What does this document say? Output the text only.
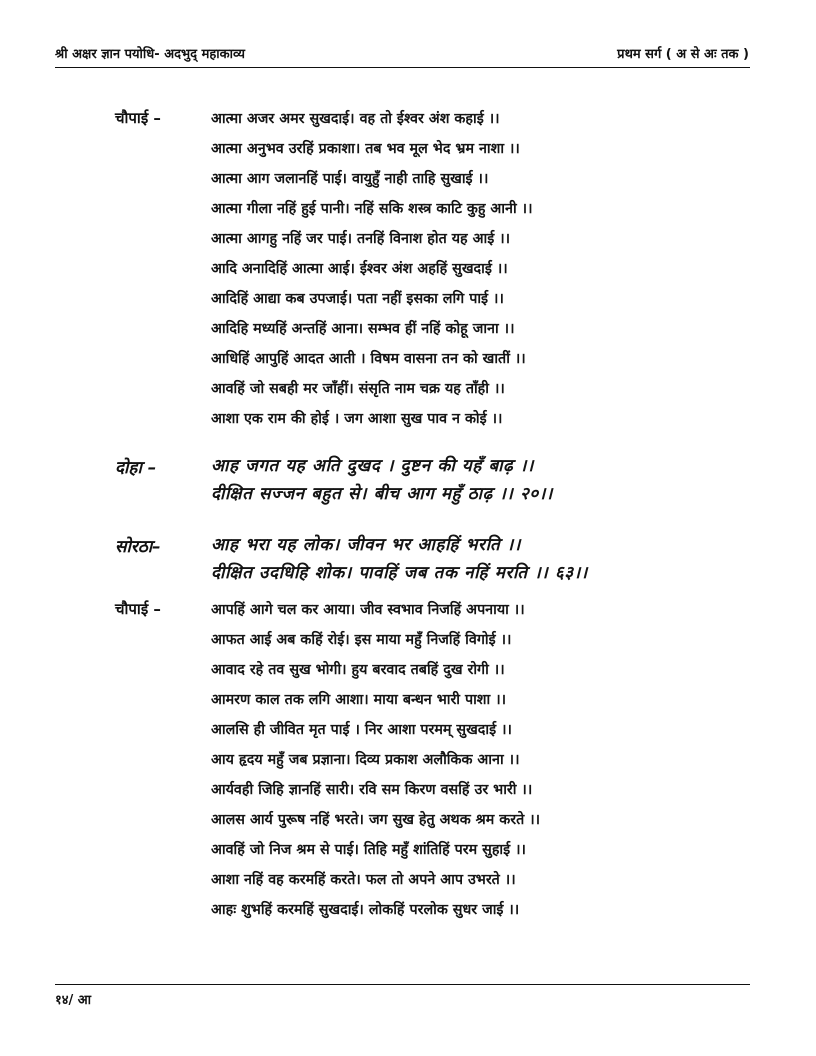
श्री अक्षर ज्ञान पयोधि- अदभुद् महाकाव्य	प्रथम सर्ग ( अ से अः तक )
चौपाई –	आत्मा अजर अमर सुखदाई। वह तो ईश्वर अंश कहाई ।।
आत्मा अनुभव उरहिं प्रकाशा। तब भव मूल भेद भ्रम नाशा ।।
आत्मा आग जलानहिं पाई। वायुहुँ नाही ताहि सुखाई ।।
आत्मा गीला नहिं हुई पानी। नहिं सकि शस्त्र काटि कुहु आनी ।।
आत्मा आगहु नहिं जर पाई। तनहिं विनाश होत यह आई ।।
आदि अनादिहिं आत्मा आई। ईश्वर अंश अहहिं सुखदाई ।।
आदिहिं आद्या कब उपजाई। पता नहीं इसका लगि पाई ।।
आदिहि मध्यहिं अन्तहिं आना। सम्भव हीं नहिं कोहू जाना ।।
आधिहिं आपुहिं आदत आती । विषम वासना तन को खातीं ।।
आवहिं जो सबही मर जाँहीं। संसृति नाम चक्र यह ताँही ।।
आशा एक राम की होई । जग आशा सुख पाव न कोई ।।
दोहा –	आह जगत यह अति दुखद । दुष्टन की यहँ बाढ़ ।।
दीक्षित सज्जन बहुत से। बीच आग महुँ ठाढ़ ।। २०।।
सोरठा–	आह भरा यह लोक। जीवन भर आहहिं भरति ।।
दीक्षित उदधिहि शोक। पावहिं जब तक नहिं मरति ।। ६३।।
चौपाई –	आपहिं आगे चल कर आया। जीव स्वभाव निजहिं अपनाया ।।
आफत आई अब कहिं रोई। इस माया महुँ निजहिं विगोई ।।
आवाद रहे तव सुख भोगी। हुय बरवाद तबहिं दुख रोगी ।।
आमरण काल तक लगि आशा। माया बन्धन भारी पाशा ।।
आलसि ही जीवित मृत पाई । निर आशा परमम् सुखदाई ।।
आय हृदय महुँ जब प्रज्ञाना। दिव्य प्रकाश अलौकिक आना ।।
आर्यवही जिहि ज्ञानहिं सारी। रवि सम किरण वसहिं उर भारी ।।
आलस आर्य पुरूष नहिं भरते। जग सुख हेतु अथक श्रम करते ।।
आवहिं जो निज श्रम से पाई। तिहि महुँ शांतिहिं परम सुहाई ।।
आशा नहिं वह करमहिं करते। फल तो अपने आप उभरते ।।
आहः शुभहिं करमहिं सुखदाई। लोकहिं परलोक सुधर जाई ।।
१४/ आ
